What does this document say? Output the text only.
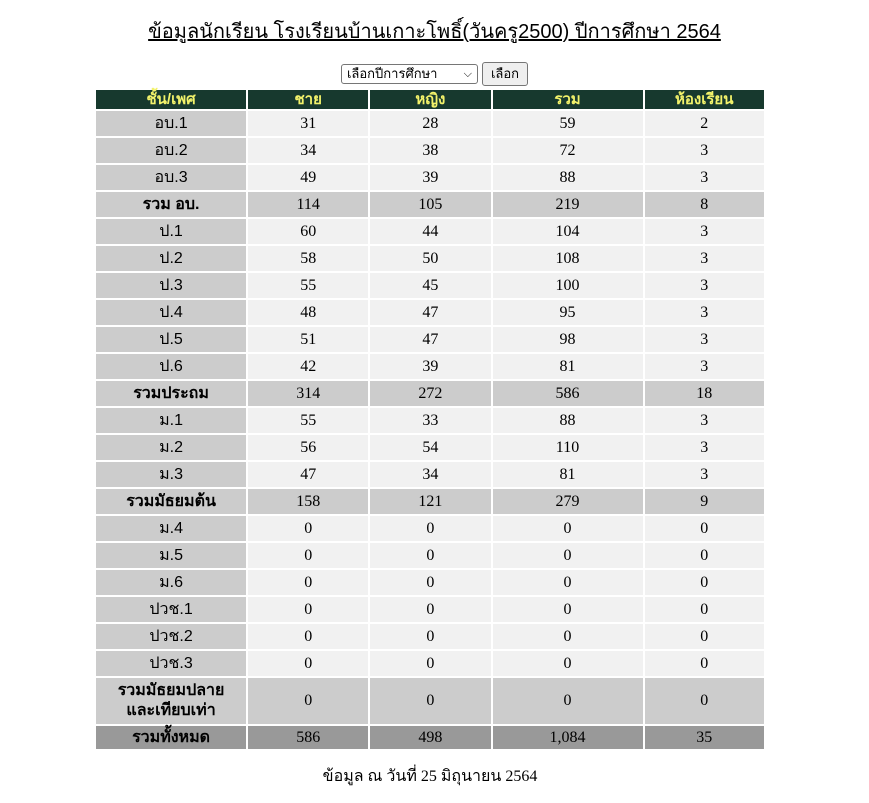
ข้อมูลนักเรียน โรงเรียนบ้านเกาะโพธิ์(วันครู2500) ปีการศึกษา 2564
เลือกปีการศึกษา ⌵ เลือก
ชั้น/เพศ	ชาย	หญิง	รวม	ห้องเรียน
อบ.1	31	28	59	2
อบ.2	34	38	72	3
อบ.3	49	39	88	3
รวม อบ.	114	105	219	8
ป.1	60	44	104	3
ป.2	58	50	108	3
ป.3	55	45	100	3
ป.4	48	47	95	3
ป.5	51	47	98	3
ป.6	42	39	81	3
รวมประถม	314	272	586	18
ม.1	55	33	88	3
ม.2	56	54	110	3
ม.3	47	34	81	3
รวมมัธยมต้น	158	121	279	9
ม.4	0	0	0	0
ม.5	0	0	0	0
ม.6	0	0	0	0
ปวช.1	0	0	0	0
ปวช.2	0	0	0	0
ปวช.3	0	0	0	0
รวมมัธยมปลาย
และเทียบเท่า	0	0	0	0
รวมทั้งหมด	586	498	1,084	35
ข้อมูล ณ วันที่ 25 มิถุนายน 2564
